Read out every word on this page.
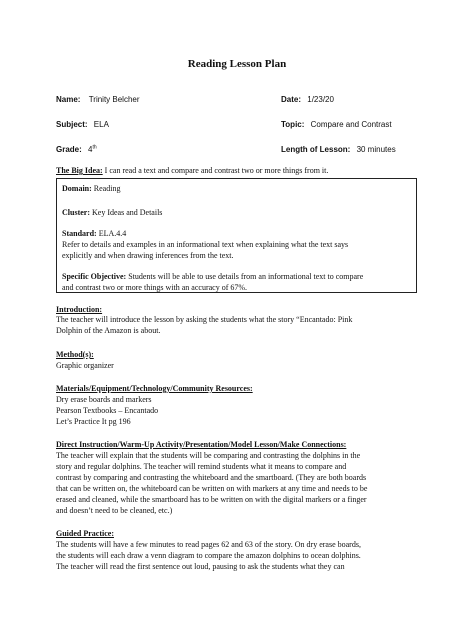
Reading Lesson Plan
Name: Trinity Belcher	Date: 1/23/20
Subject: ELA	Topic: Compare and Contrast
Grade: 4th	Length of Lesson: 30 minutes
The Big Idea: I can read a text and compare and contrast two or more things from it.
Domain: Reading
Cluster: Key Ideas and Details
Standard: ELA.4.4
Refer to details and examples in an informational text when explaining what the text says
explicitly and when drawing inferences from the text.
Specific Objective: Students will be able to use details from an informational text to compare
and contrast two or more things with an accuracy of 67%.
Introduction:
The teacher will introduce the lesson by asking the students what the story “Encantado: Pink
Dolphin of the Amazon is about.
Method(s):
Graphic organizer
Materials/Equipment/Technology/Community Resources:
Dry erase boards and markers
Pearson Textbooks – Encantado
Let’s Practice It pg 196
Direct Instruction/Warm-Up Activity/Presentation/Model Lesson/Make Connections:
The teacher will explain that the students will be comparing and contrasting the dolphins in the
story and regular dolphins. The teacher will remind students what it means to compare and
contrast by comparing and contrasting the whiteboard and the smartboard. (They are both boards
that can be written on, the whiteboard can be written on with markers at any time and needs to be
erased and cleaned, while the smartboard has to be written on with the digital markers or a finger
and doesn’t need to be cleaned, etc.)
Guided Practice:
The students will have a few minutes to read pages 62 and 63 of the story. On dry erase boards,
the students will each draw a venn diagram to compare the amazon dolphins to ocean dolphins.
The teacher will read the first sentence out loud, pausing to ask the students what they can
